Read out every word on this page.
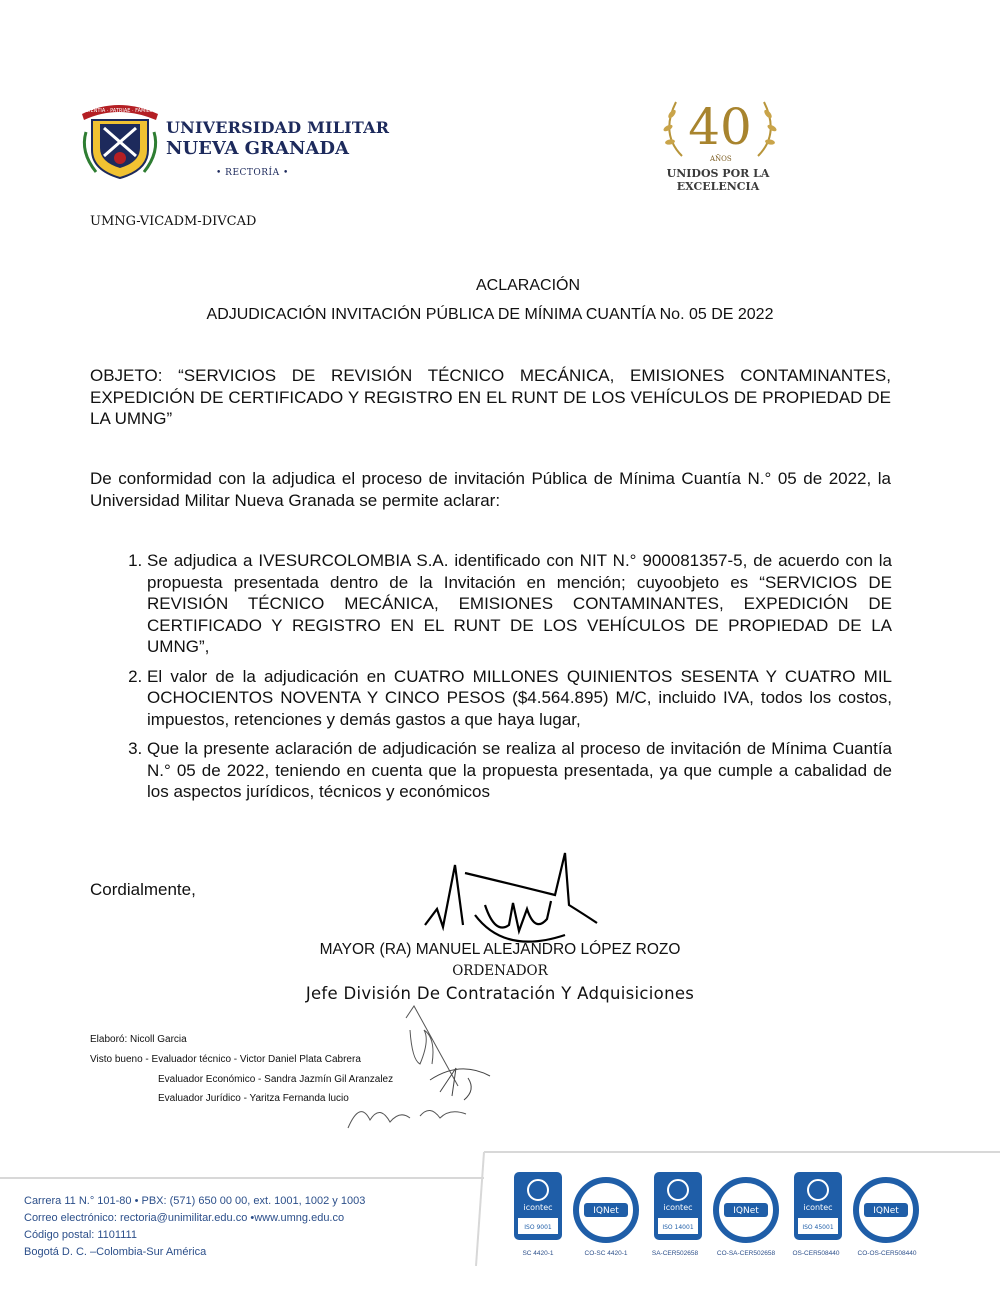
SCIENTIA · PATRIAE · FAMILIAE
UNIVERSIDAD MILITAR
NUEVA GRANADA
• RECTORÍA •
40
AÑOS
UNIDOS POR LA EXCELENCIA
UMNG-VICADM-DIVCAD
ACLARACIÓN
ADJUDICACIÓN INVITACIÓN PÚBLICA DE MÍNIMA CUANTÍA No. 05 DE 2022
OBJETO: “SERVICIOS DE REVISIÓN TÉCNICO MECÁNICA, EMISIONES CONTAMINANTES, EXPEDICIÓN DE CERTIFICADO Y REGISTRO EN EL RUNT DE LOS VEHÍCULOS DE PROPIEDAD DE LA UMNG”
De conformidad con la adjudica el proceso de invitación Pública de Mínima Cuantía N.° 05 de 2022, la Universidad Militar Nueva Granada se permite aclarar:
1. Se adjudica a IVESURCOLOMBIA S.A. identificado con NIT N.° 900081357-5, de acuerdo con la propuesta presentada dentro de la Invitación en mención; cuyoobjeto es “SERVICIOS DE REVISIÓN TÉCNICO MECÁNICA, EMISIONES CONTAMINANTES, EXPEDICIÓN DE CERTIFICADO Y REGISTRO EN EL RUNT DE LOS VEHÍCULOS DE PROPIEDAD DE LA UMNG”,
2. El valor de la adjudicación en CUATRO MILLONES QUINIENTOS SESENTA Y CUATRO MIL OCHOCIENTOS NOVENTA Y CINCO PESOS ($4.564.895) M/C, incluido IVA, todos los costos, impuestos, retenciones y demás gastos a que haya lugar,
3. Que la presente aclaración de adjudicación se realiza al proceso de invitación de Mínima Cuantía N.° 05 de 2022, teniendo en cuenta que la propuesta presentada, ya que cumple a cabalidad de los aspectos jurídicos, técnicos y económicos
Cordialmente,
MAYOR (RA) MANUEL ALEJANDRO LÓPEZ ROZO
ORDENADOR
Jefe División De Contratación Y Adquisiciones
Elaboró: Nicoll Garcia
Visto bueno - Evaluador técnico - Victor Daniel Plata Cabrera
Evaluador Económico - Sandra Jazmín Gil Aranzalez
Evaluador Jurídico - Yaritza Fernanda lucio
Carrera 11 N.° 101-80 • PBX: (571) 650 00 00, ext. 1001, 1002 y 1003
Correo electrónico: rectoria@unimilitar.edu.co •www.umng.edu.co
Código postal: 1101111
Bogotá D. C. –Colombia-Sur América
icontec
ISO 9001
IQNet	icontec
ISO 14001
IQNet	icontec
ISO 45001
IQNet
SC 4420-1	CO-SC 4420-1	SA-CER502658	CO-SA-CER502658	OS-CER508440	CO-OS-CER508440
